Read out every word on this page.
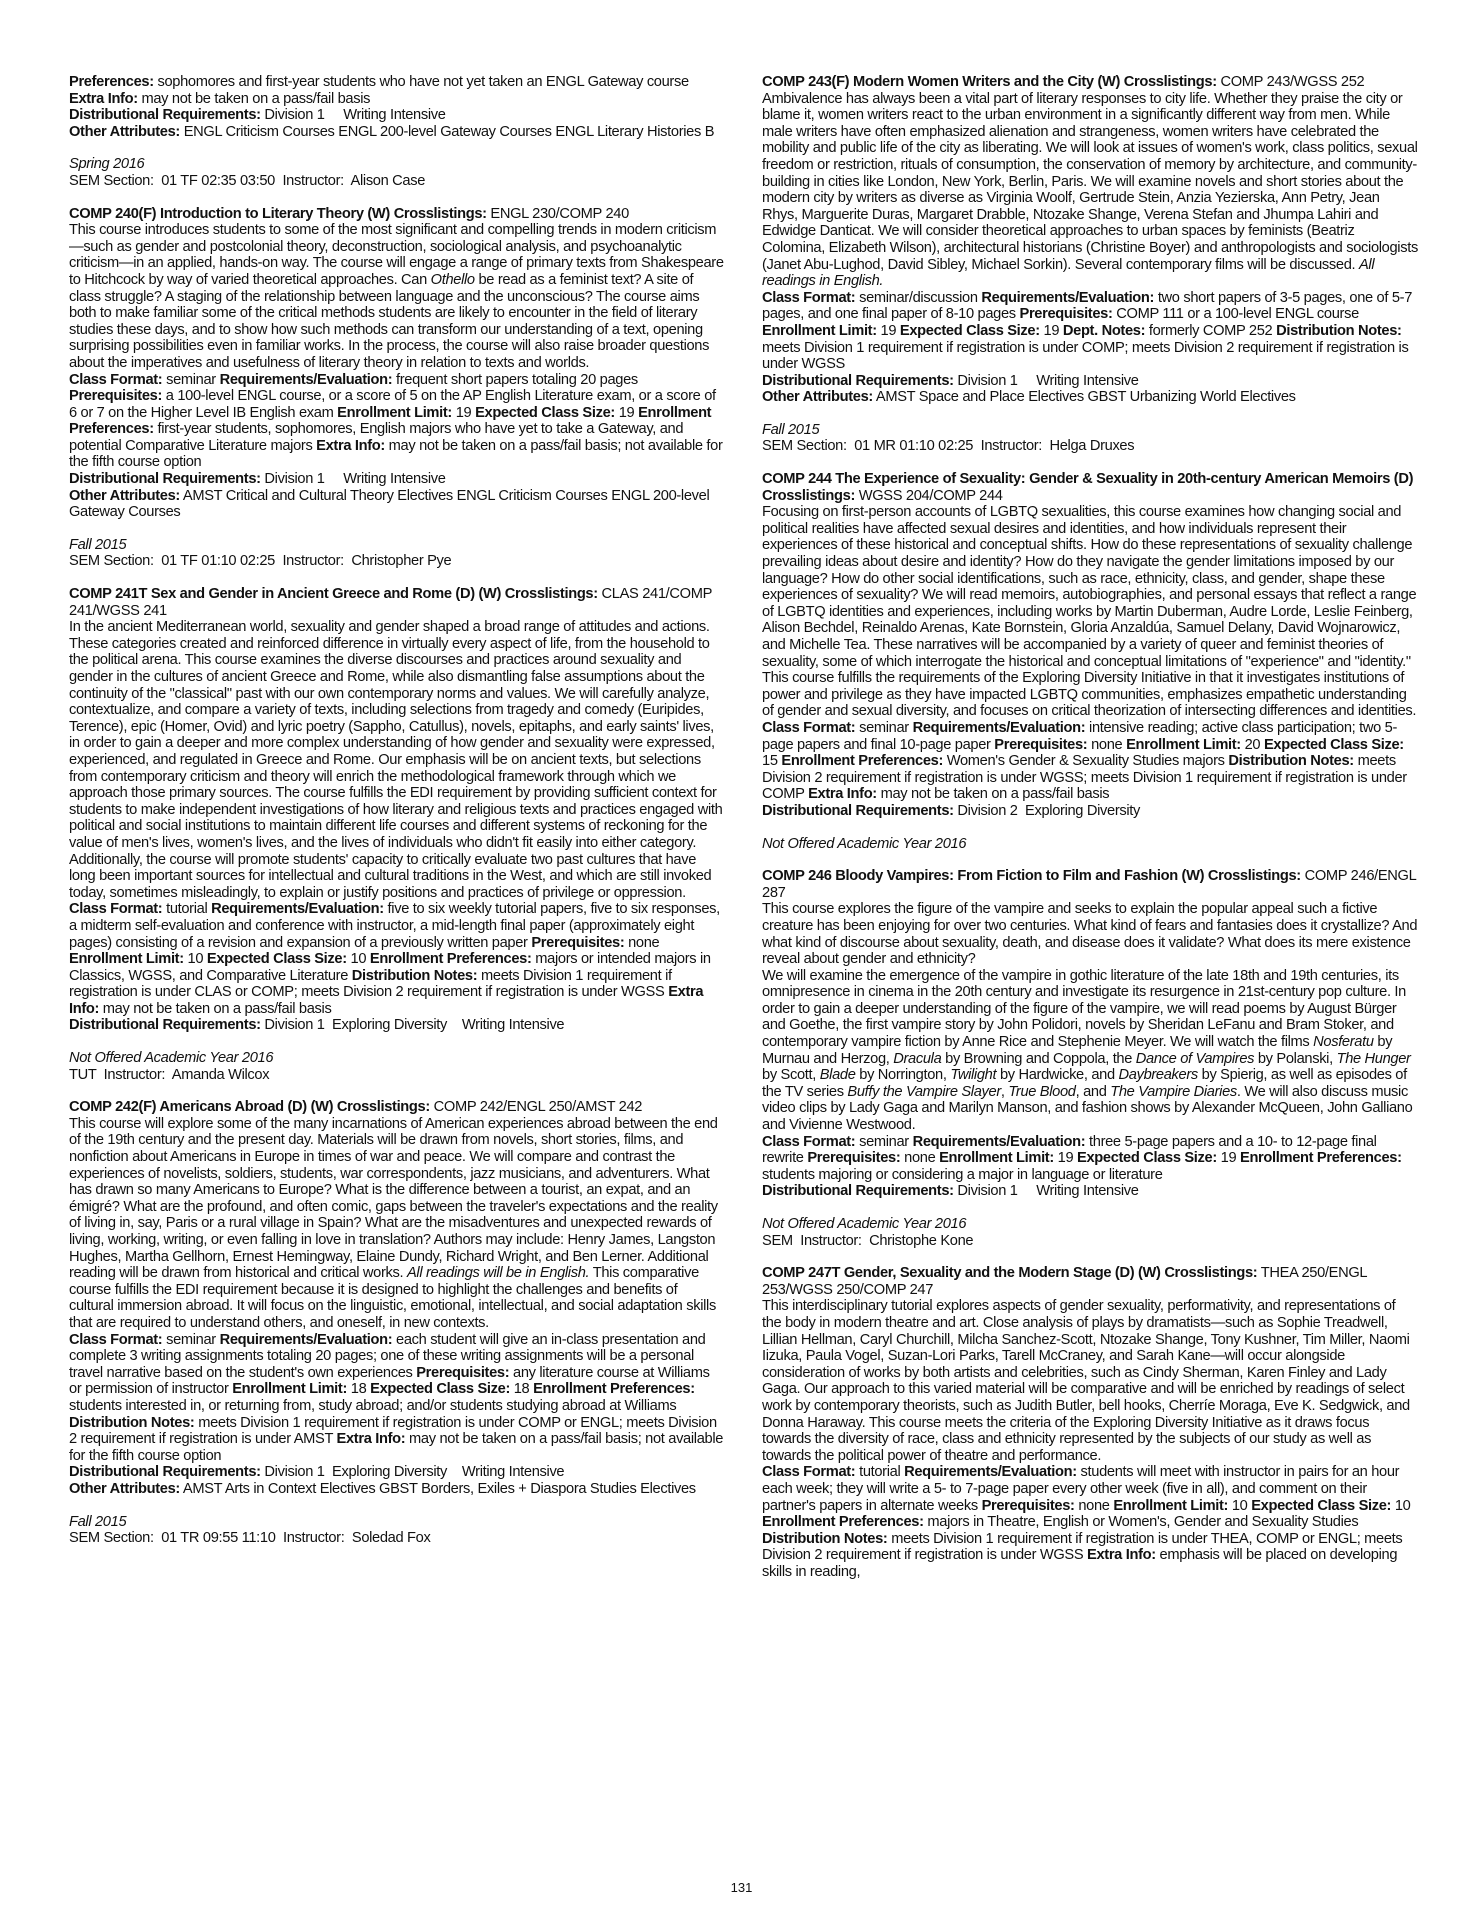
Preferences: sophomores and first-year students who have not yet taken an ENGL Gateway course Extra Info: may not be taken on a pass/fail basis

Distributional Requirements: Division 1     Writing Intensive

Other Attributes: ENGL Criticism Courses ENGL 200-level Gateway Courses ENGL Literary Histories B

Spring 2016

SEM Section:  01 TF 02:35 03:50  Instructor:  Alison Case

COMP 240(F) Introduction to Literary Theory (W) Crosslistings: ENGL 230/COMP 240

This course introduces students to some of the most significant and compelling trends in modern criticism—such as gender and postcolonial theory, deconstruction, sociological analysis, and psychoanalytic criticism—in an applied, hands-on way. The course will engage a range of primary texts from Shakespeare to Hitchcock by way of varied theoretical approaches. Can Othello be read as a feminist text? A site of class struggle? A staging of the relationship between language and the unconscious? The course aims both to make familiar some of the critical methods students are likely to encounter in the field of literary studies these days, and to show how such methods can transform our understanding of a text, opening surprising possibilities even in familiar works. In the process, the course will also raise broader questions about the imperatives and usefulness of literary theory in relation to texts and worlds.

Class Format: seminar Requirements/Evaluation: frequent short papers totaling 20 pages Prerequisites: a 100-level ENGL course, or a score of 5 on the AP English Literature exam, or a score of 6 or 7 on the Higher Level IB English exam Enrollment Limit: 19 Expected Class Size: 19 Enrollment Preferences: first-year students, sophomores, English majors who have yet to take a Gateway, and potential Comparative Literature majors Extra Info: may not be taken on a pass/fail basis; not available for the fifth course option

Distributional Requirements: Division 1     Writing Intensive

Other Attributes: AMST Critical and Cultural Theory Electives ENGL Criticism Courses ENGL 200-level Gateway Courses

Fall 2015

SEM Section:  01 TF 01:10 02:25  Instructor:  Christopher Pye

COMP 241T Sex and Gender in Ancient Greece and Rome (D) (W) Crosslistings: CLAS 241/COMP 241/WGSS 241

In the ancient Mediterranean world, sexuality and gender shaped a broad range of attitudes and actions. These categories created and reinforced difference in virtually every aspect of life, from the household to the political arena. This course examines the diverse discourses and practices around sexuality and gender in the cultures of ancient Greece and Rome, while also dismantling false assumptions about the continuity of the "classical" past with our own contemporary norms and values. We will carefully analyze, contextualize, and compare a variety of texts, including selections from tragedy and comedy (Euripides, Terence), epic (Homer, Ovid) and lyric poetry (Sappho, Catullus), novels, epitaphs, and early saints' lives, in order to gain a deeper and more complex understanding of how gender and sexuality were expressed, experienced, and regulated in Greece and Rome. Our emphasis will be on ancient texts, but selections from contemporary criticism and theory will enrich the methodological framework through which we approach those primary sources. The course fulfills the EDI requirement by providing sufficient context for students to make independent investigations of how literary and religious texts and practices engaged with political and social institutions to maintain different life courses and different systems of reckoning for the value of men's lives, women's lives, and the lives of individuals who didn't fit easily into either category. Additionally, the course will promote students' capacity to critically evaluate two past cultures that have long been important sources for intellectual and cultural traditions in the West, and which are still invoked today, sometimes misleadingly, to explain or justify positions and practices of privilege or oppression.

Class Format: tutorial Requirements/Evaluation: five to six weekly tutorial papers, five to six responses, a midterm self-evaluation and conference with instructor, a mid-length final paper (approximately eight pages) consisting of a revision and expansion of a previously written paper Prerequisites: none Enrollment Limit: 10 Expected Class Size: 10 Enrollment Preferences: majors or intended majors in Classics, WGSS, and Comparative Literature Distribution Notes: meets Division 1 requirement if registration is under CLAS or COMP; meets Division 2 requirement if registration is under WGSS Extra Info: may not be taken on a pass/fail basis

Distributional Requirements: Division 1  Exploring Diversity    Writing Intensive

Not Offered Academic Year 2016

TUT  Instructor:  Amanda Wilcox

COMP 242(F) Americans Abroad (D) (W) Crosslistings: COMP 242/ENGL 250/AMST 242

This course will explore some of the many incarnations of American experiences abroad between the end of the 19th century and the present day. Materials will be drawn from novels, short stories, films, and nonfiction about Americans in Europe in times of war and peace. We will compare and contrast the experiences of novelists, soldiers, students, war correspondents, jazz musicians, and adventurers. What has drawn so many Americans to Europe? What is the difference between a tourist, an expat, and an émigré? What are the profound, and often comic, gaps between the traveler's expectations and the reality of living in, say, Paris or a rural village in Spain? What are the misadventures and unexpected rewards of living, working, writing, or even falling in love in translation? Authors may include: Henry James, Langston Hughes, Martha Gellhorn, Ernest Hemingway, Elaine Dundy, Richard Wright, and Ben Lerner. Additional reading will be drawn from historical and critical works. All readings will be in English. This comparative course fulfills the EDI requirement because it is designed to highlight the challenges and benefits of cultural immersion abroad. It will focus on the linguistic, emotional, intellectual, and social adaptation skills that are required to understand others, and oneself, in new contexts.

Class Format: seminar Requirements/Evaluation: each student will give an in-class presentation and complete 3 writing assignments totaling 20 pages; one of these writing assignments will be a personal travel narrative based on the student's own experiences Prerequisites: any literature course at Williams or permission of instructor Enrollment Limit: 18 Expected Class Size: 18 Enrollment Preferences: students interested in, or returning from, study abroad; and/or students studying abroad at Williams Distribution Notes: meets Division 1 requirement if registration is under COMP or ENGL; meets Division 2 requirement if registration is under AMST Extra Info: may not be taken on a pass/fail basis; not available for the fifth course option

Distributional Requirements: Division 1  Exploring Diversity    Writing Intensive

Other Attributes: AMST Arts in Context Electives GBST Borders, Exiles + Diaspora Studies Electives

Fall 2015

SEM Section:  01 TR 09:55 11:10  Instructor:  Soledad Fox

COMP 243(F) Modern Women Writers and the City (W) Crosslistings: COMP 243/WGSS 252

Ambivalence has always been a vital part of literary responses to city life. Whether they praise the city or blame it, women writers react to the urban environment in a significantly different way from men. While male writers have often emphasized alienation and strangeness, women writers have celebrated the mobility and public life of the city as liberating. We will look at issues of women's work, class politics, sexual freedom or restriction, rituals of consumption, the conservation of memory by architecture, and community-building in cities like London, New York, Berlin, Paris. We will examine novels and short stories about the modern city by writers as diverse as Virginia Woolf, Gertrude Stein, Anzia Yezierska, Ann Petry, Jean Rhys, Marguerite Duras, Margaret Drabble, Ntozake Shange, Verena Stefan and Jhumpa Lahiri and Edwidge Danticat. We will consider theoretical approaches to urban spaces by feminists (Beatriz Colomina, Elizabeth Wilson), architectural historians (Christine Boyer) and anthropologists and sociologists (Janet Abu-Lughod, David Sibley, Michael Sorkin). Several contemporary films will be discussed. All readings in English.

Class Format: seminar/discussion Requirements/Evaluation: two short papers of 3-5 pages, one of 5-7 pages, and one final paper of 8-10 pages Prerequisites: COMP 111 or a 100-level ENGL course Enrollment Limit: 19 Expected Class Size: 19 Dept. Notes: formerly COMP 252 Distribution Notes: meets Division 1 requirement if registration is under COMP; meets Division 2 requirement if registration is under WGSS

Distributional Requirements: Division 1     Writing Intensive

Other Attributes: AMST Space and Place Electives GBST Urbanizing World Electives

Fall 2015

SEM Section:  01 MR 01:10 02:25  Instructor:  Helga Druxes

COMP 244 The Experience of Sexuality: Gender & Sexuality in 20th-century American Memoirs (D) Crosslistings: WGSS 204/COMP 244

Focusing on first-person accounts of LGBTQ sexualities, this course examines how changing social and political realities have affected sexual desires and identities, and how individuals represent their experiences of these historical and conceptual shifts. How do these representations of sexuality challenge prevailing ideas about desire and identity? How do they navigate the gender limitations imposed by our language? How do other social identifications, such as race, ethnicity, class, and gender, shape these experiences of sexuality? We will read memoirs, autobiographies, and personal essays that reflect a range of LGBTQ identities and experiences, including works by Martin Duberman, Audre Lorde, Leslie Feinberg, Alison Bechdel, Reinaldo Arenas, Kate Bornstein, Gloria Anzaldúa, Samuel Delany, David Wojnarowicz, and Michelle Tea. These narratives will be accompanied by a variety of queer and feminist theories of sexuality, some of which interrogate the historical and conceptual limitations of "experience" and "identity." This course fulfills the requirements of the Exploring Diversity Initiative in that it investigates institutions of power and privilege as they have impacted LGBTQ communities, emphasizes empathetic understanding of gender and sexual diversity, and focuses on critical theorization of intersecting differences and identities.

Class Format: seminar Requirements/Evaluation: intensive reading; active class participation; two 5-page papers and final 10-page paper Prerequisites: none Enrollment Limit: 20 Expected Class Size: 15 Enrollment Preferences: Women's Gender & Sexuality Studies majors Distribution Notes: meets Division 2 requirement if registration is under WGSS; meets Division 1 requirement if registration is under COMP Extra Info: may not be taken on a pass/fail basis

Distributional Requirements: Division 2  Exploring Diversity

Not Offered Academic Year 2016

COMP 246 Bloody Vampires: From Fiction to Film and Fashion (W) Crosslistings: COMP 246/ENGL 287

This course explores the figure of the vampire and seeks to explain the popular appeal such a fictive creature has been enjoying for over two centuries. What kind of fears and fantasies does it crystallize? And what kind of discourse about sexuality, death, and disease does it validate? What does its mere existence reveal about gender and ethnicity?

We will examine the emergence of the vampire in gothic literature of the late 18th and 19th centuries, its omnipresence in cinema in the 20th century and investigate its resurgence in 21st-century pop culture. In order to gain a deeper understanding of the figure of the vampire, we will read poems by August Bürger and Goethe, the first vampire story by John Polidori, novels by Sheridan LeFanu and Bram Stoker, and contemporary vampire fiction by Anne Rice and Stephenie Meyer. We will watch the films Nosferatu by Murnau and Herzog, Dracula by Browning and Coppola, the Dance of Vampires by Polanski, The Hunger by Scott, Blade by Norrington, Twilight by Hardwicke, and Daybreakers by Spierig, as well as episodes of the TV series Buffy the Vampire Slayer, True Blood, and The Vampire Diaries. We will also discuss music video clips by Lady Gaga and Marilyn Manson, and fashion shows by Alexander McQueen, John Galliano and Vivienne Westwood.

Class Format: seminar Requirements/Evaluation: three 5-page papers and a 10- to 12-page final rewrite Prerequisites: none Enrollment Limit: 19 Expected Class Size: 19 Enrollment Preferences: students majoring or considering a major in language or literature

Distributional Requirements: Division 1     Writing Intensive

Not Offered Academic Year 2016

SEM  Instructor:  Christophe Kone

COMP 247T Gender, Sexuality and the Modern Stage (D) (W) Crosslistings: THEA 250/ENGL 253/WGSS 250/COMP 247

This interdisciplinary tutorial explores aspects of gender sexuality, performativity, and representations of the body in modern theatre and art. Close analysis of plays by dramatists—such as Sophie Treadwell, Lillian Hellman, Caryl Churchill, Milcha Sanchez-Scott, Ntozake Shange, Tony Kushner, Tim Miller, Naomi Iizuka, Paula Vogel, Suzan-Lori Parks, Tarell McCraney, and Sarah Kane—will occur alongside consideration of works by both artists and celebrities, such as Cindy Sherman, Karen Finley and Lady Gaga. Our approach to this varied material will be comparative and will be enriched by readings of select work by contemporary theorists, such as Judith Butler, bell hooks, Cherríe Moraga, Eve K. Sedgwick, and Donna Haraway. This course meets the criteria of the Exploring Diversity Initiative as it draws focus towards the diversity of race, class and ethnicity represented by the subjects of our study as well as towards the political power of theatre and performance.

Class Format: tutorial Requirements/Evaluation: students will meet with instructor in pairs for an hour each week; they will write a 5- to 7-page paper every other week (five in all), and comment on their partner's papers in alternate weeks Prerequisites: none Enrollment Limit: 10 Expected Class Size: 10 Enrollment Preferences: majors in Theatre, English or Women's, Gender and Sexuality Studies Distribution Notes: meets Division 1 requirement if registration is under THEA, COMP or ENGL; meets Division 2 requirement if registration is under WGSS Extra Info: emphasis will be placed on developing skills in reading,

131
